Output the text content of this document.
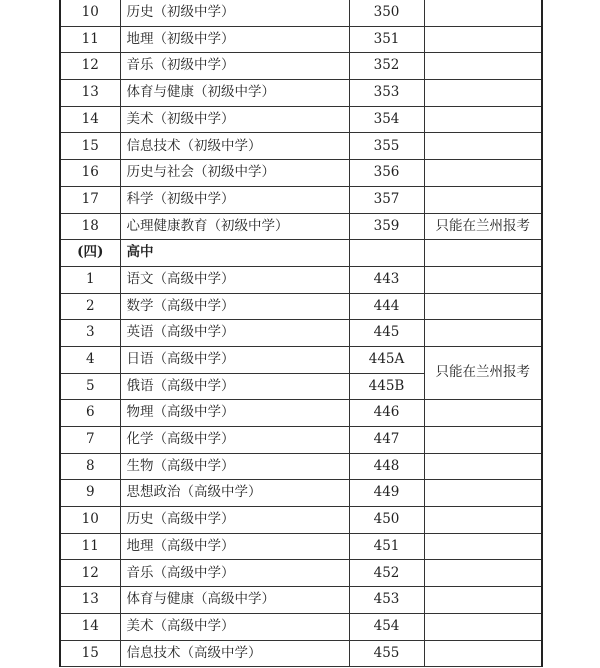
10	历史（初级中学）	350	
11	地理（初级中学）	351	
12	音乐（初级中学）	352	
13	体育与健康（初级中学）	353	
14	美术（初级中学）	354	
15	信息技术（初级中学）	355	
16	历史与社会（初级中学）	356	
17	科学（初级中学）	357	
18	心理健康教育（初级中学）	359	只能在兰州报考
(四)	高中		
1	语文（高级中学）	443	
2	数学（高级中学）	444	
3	英语（高级中学）	445	
4	日语（高级中学）	445A	只能在兰州报考
5	俄语（高级中学）	445B	
6	物理（高级中学）	446	
7	化学（高级中学）	447	
8	生物（高级中学）	448	
9	思想政治（高级中学）	449	
10	历史（高级中学）	450	
11	地理（高级中学）	451	
12	音乐（高级中学）	452	
13	体育与健康（高级中学）	453	
14	美术（高级中学）	454	
15	信息技术（高级中学）	455	
